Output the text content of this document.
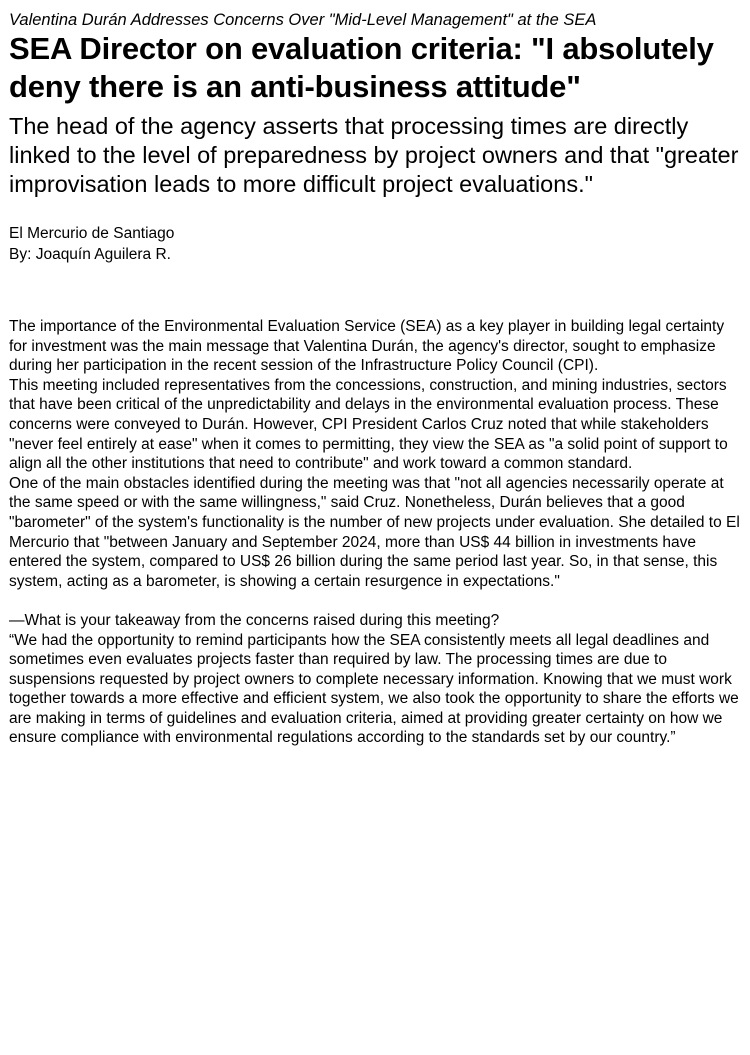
Valentina Durán Addresses Concerns Over "Mid-Level Management" at the SEA

SEA Director on evaluation criteria: "I absolutely deny there is an anti-business attitude"

The head of the agency asserts that processing times are directly linked to the level of preparedness by project owners and that "greater improvisation leads to more difficult project evaluations."

El Mercurio de Santiago
By: Joaquín Aguilera R.

The importance of the Environmental Evaluation Service (SEA) as a key player in building legal certainty for investment was the main message that Valentina Durán, the agency's director, sought to emphasize during her participation in the recent session of the Infrastructure Policy Council (CPI).

This meeting included representatives from the concessions, construction, and mining industries, sectors that have been critical of the unpredictability and delays in the environmental evaluation process. These concerns were conveyed to Durán. However, CPI President Carlos Cruz noted that while stakeholders "never feel entirely at ease" when it comes to permitting, they view the SEA as "a solid point of support to align all the other institutions that need to contribute" and work toward a common standard.

One of the main obstacles identified during the meeting was that "not all agencies necessarily operate at the same speed or with the same willingness," said Cruz. Nonetheless, Durán believes that a good "barometer" of the system's functionality is the number of new projects under evaluation. She detailed to El Mercurio that "between January and September 2024, more than US$ 44 billion in investments have entered the system, compared to US$ 26 billion during the same period last year. So, in that sense, this system, acting as a barometer, is showing a certain resurgence in expectations."

—What is your takeaway from the concerns raised during this meeting?

“We had the opportunity to remind participants how the SEA consistently meets all legal deadlines and sometimes even evaluates projects faster than required by law. The processing times are due to suspensions requested by project owners to complete necessary information. Knowing that we must work together towards a more effective and efficient system, we also took the opportunity to share the efforts we are making in terms of guidelines and evaluation criteria, aimed at providing greater certainty on how we ensure compliance with environmental regulations according to the standards set by our country.”
